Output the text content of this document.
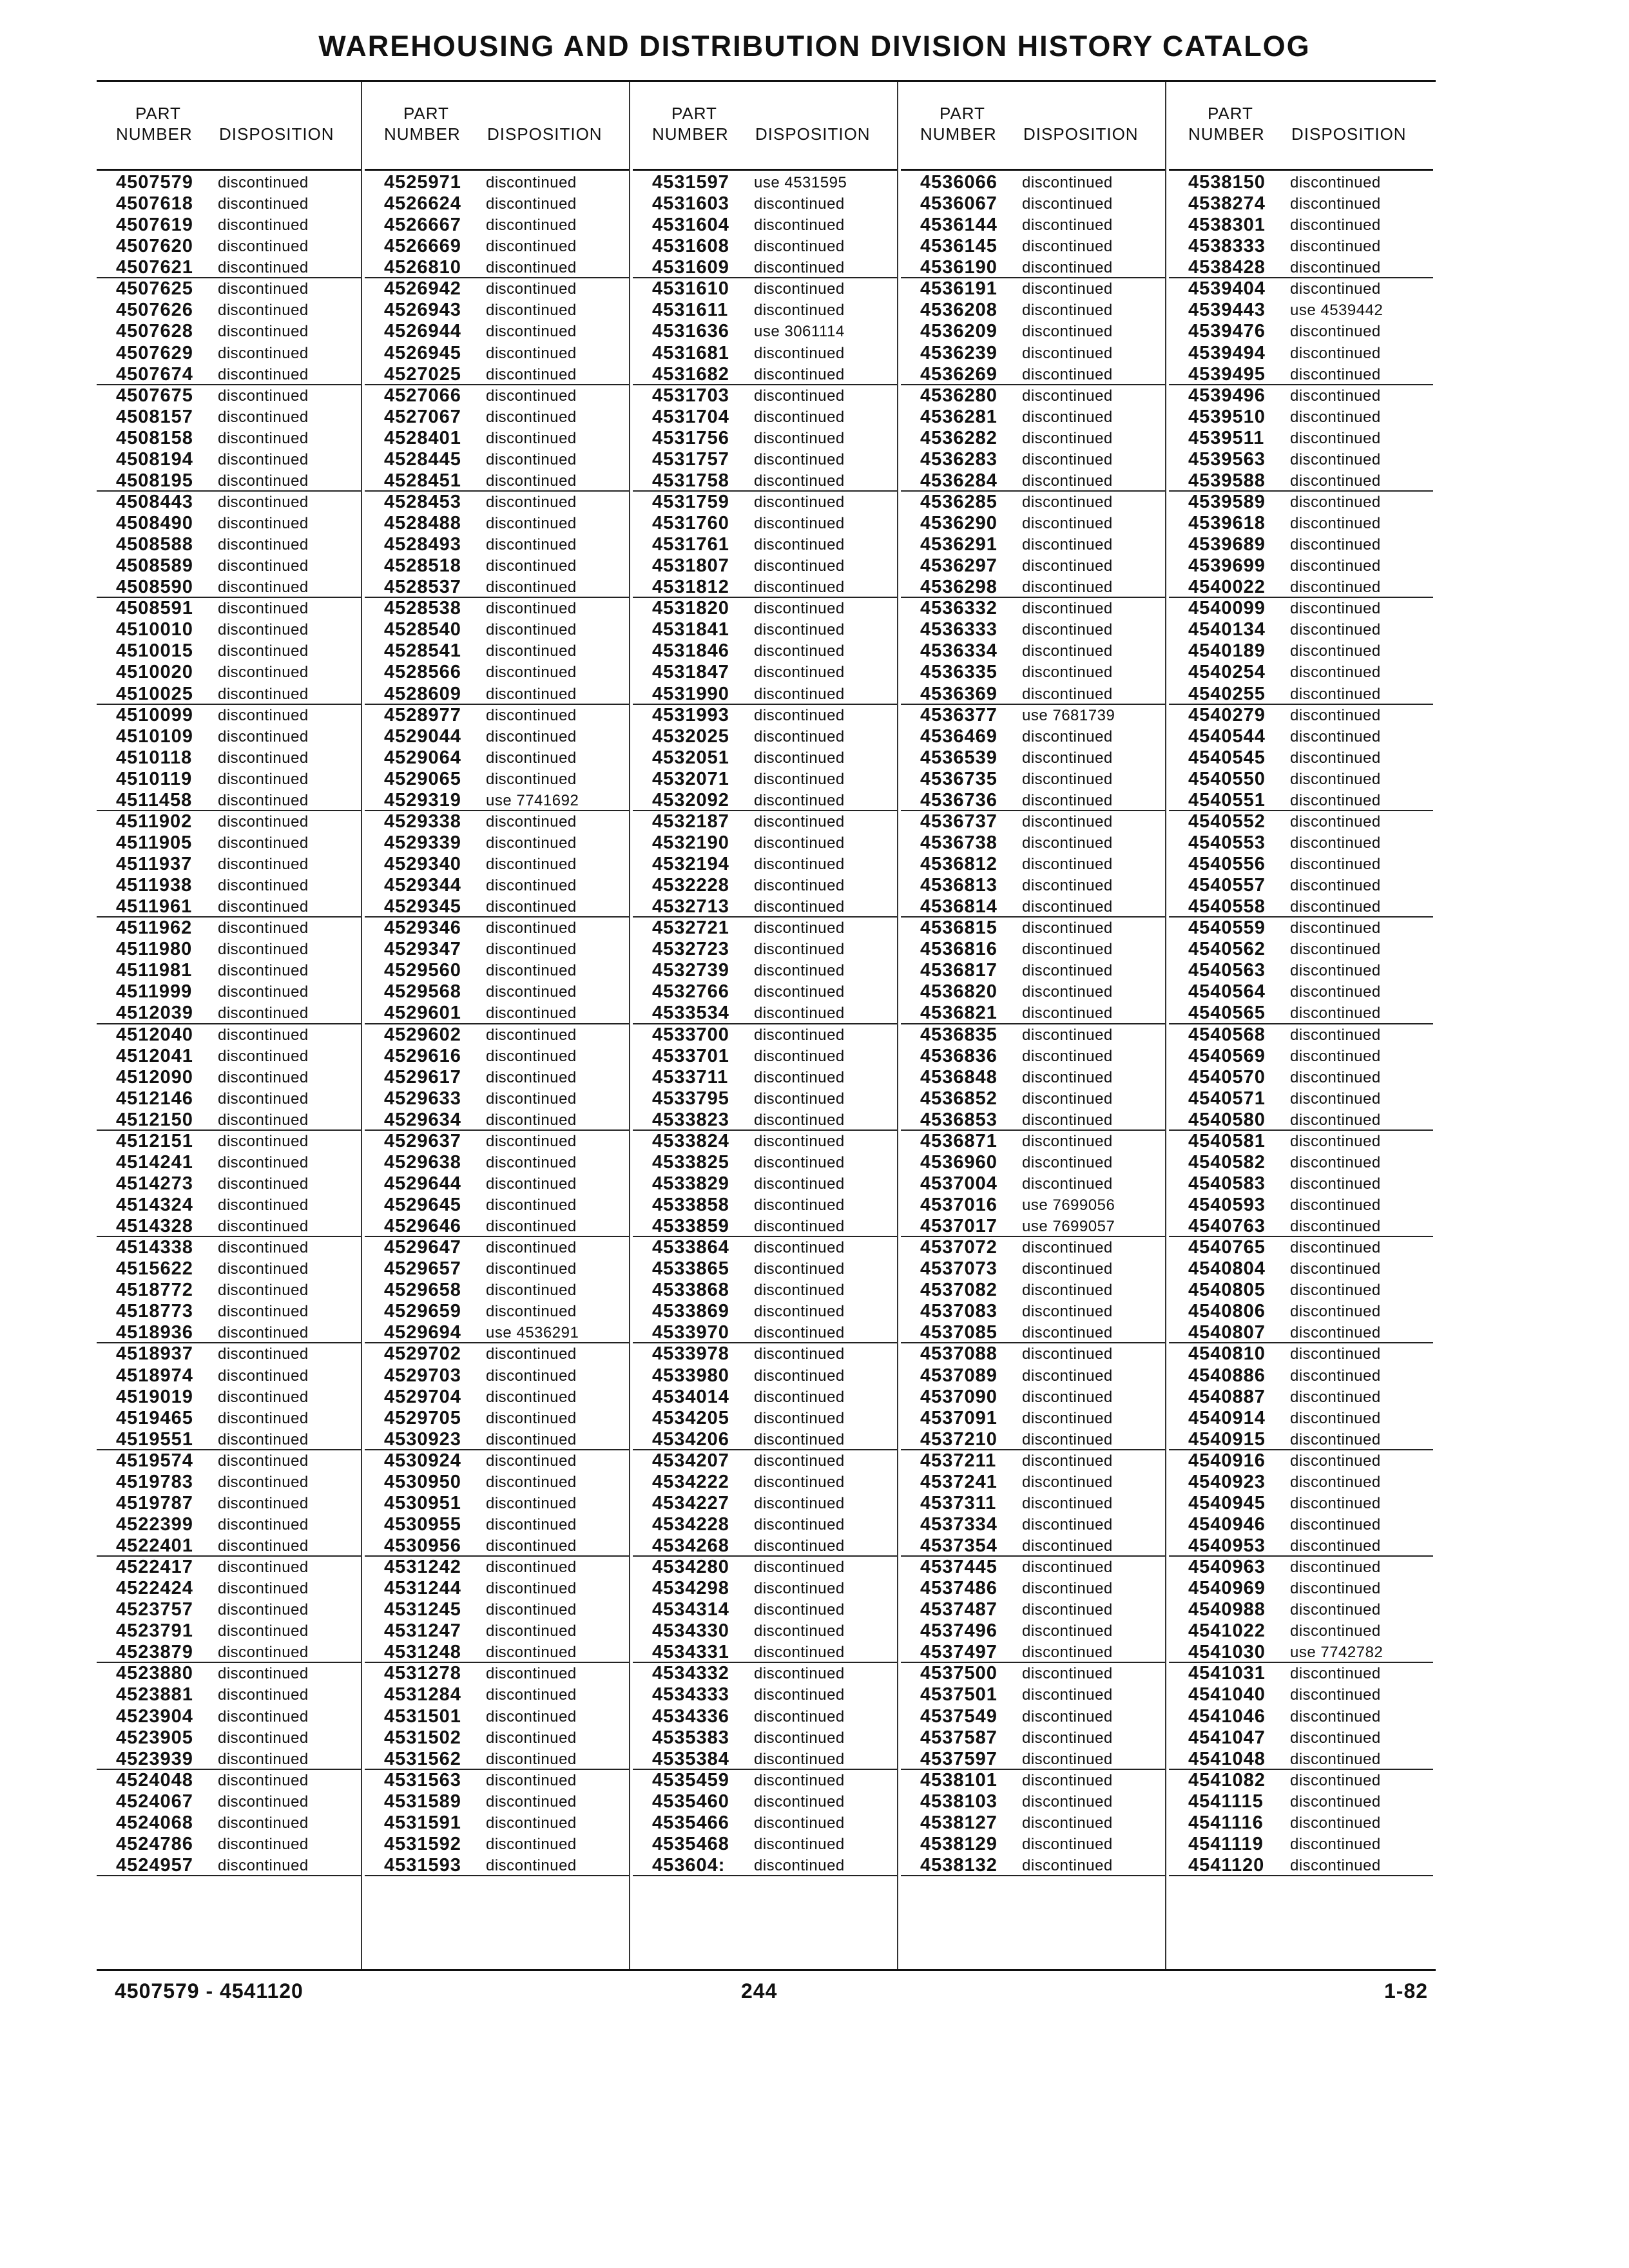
WAREHOUSING AND DISTRIBUTION DIVISION HISTORY CATALOG
PART
NUMBER DISPOSITION
4507579 discontinued
4507618 discontinued
4507619 discontinued
4507620 discontinued
4507621 discontinued
4507625 discontinued
4507626 discontinued
4507628 discontinued
4507629 discontinued
4507674 discontinued
4507675 discontinued
4508157 discontinued
4508158 discontinued
4508194 discontinued
4508195 discontinued
4508443 discontinued
4508490 discontinued
4508588 discontinued
4508589 discontinued
4508590 discontinued
4508591 discontinued
4510010 discontinued
4510015 discontinued
4510020 discontinued
4510025 discontinued
4510099 discontinued
4510109 discontinued
4510118 discontinued
4510119 discontinued
4511458 discontinued
4511902 discontinued
4511905 discontinued
4511937 discontinued
4511938 discontinued
4511961 discontinued
4511962 discontinued
4511980 discontinued
4511981 discontinued
4511999 discontinued
4512039 discontinued
4512040 discontinued
4512041 discontinued
4512090 discontinued
4512146 discontinued
4512150 discontinued
4512151 discontinued
4514241 discontinued
4514273 discontinued
4514324 discontinued
4514328 discontinued
4514338 discontinued
4515622 discontinued
4518772 discontinued
4518773 discontinued
4518936 discontinued
4518937 discontinued
4518974 discontinued
4519019 discontinued
4519465 discontinued
4519551 discontinued
4519574 discontinued
4519783 discontinued
4519787 discontinued
4522399 discontinued
4522401 discontinued
4522417 discontinued
4522424 discontinued
4523757 discontinued
4523791 discontinued
4523879 discontinued
4523880 discontinued
4523881 discontinued
4523904 discontinued
4523905 discontinued
4523939 discontinued
4524048 discontinued
4524067 discontinued
4524068 discontinued
4524786 discontinued
4524957 discontinued
PART
NUMBER DISPOSITION
4525971 discontinued
4526624 discontinued
4526667 discontinued
4526669 discontinued
4526810 discontinued
4526942 discontinued
4526943 discontinued
4526944 discontinued
4526945 discontinued
4527025 discontinued
4527066 discontinued
4527067 discontinued
4528401 discontinued
4528445 discontinued
4528451 discontinued
4528453 discontinued
4528488 discontinued
4528493 discontinued
4528518 discontinued
4528537 discontinued
4528538 discontinued
4528540 discontinued
4528541 discontinued
4528566 discontinued
4528609 discontinued
4528977 discontinued
4529044 discontinued
4529064 discontinued
4529065 discontinued
4529319 use 7741692
4529338 discontinued
4529339 discontinued
4529340 discontinued
4529344 discontinued
4529345 discontinued
4529346 discontinued
4529347 discontinued
4529560 discontinued
4529568 discontinued
4529601 discontinued
4529602 discontinued
4529616 discontinued
4529617 discontinued
4529633 discontinued
4529634 discontinued
4529637 discontinued
4529638 discontinued
4529644 discontinued
4529645 discontinued
4529646 discontinued
4529647 discontinued
4529657 discontinued
4529658 discontinued
4529659 discontinued
4529694 use 4536291
4529702 discontinued
4529703 discontinued
4529704 discontinued
4529705 discontinued
4530923 discontinued
4530924 discontinued
4530950 discontinued
4530951 discontinued
4530955 discontinued
4530956 discontinued
4531242 discontinued
4531244 discontinued
4531245 discontinued
4531247 discontinued
4531248 discontinued
4531278 discontinued
4531284 discontinued
4531501 discontinued
4531502 discontinued
4531562 discontinued
4531563 discontinued
4531589 discontinued
4531591 discontinued
4531592 discontinued
4531593 discontinued
PART
NUMBER DISPOSITION
4531597 use 4531595
4531603 discontinued
4531604 discontinued
4531608 discontinued
4531609 discontinued
4531610 discontinued
4531611 discontinued
4531636 use 3061114
4531681 discontinued
4531682 discontinued
4531703 discontinued
4531704 discontinued
4531756 discontinued
4531757 discontinued
4531758 discontinued
4531759 discontinued
4531760 discontinued
4531761 discontinued
4531807 discontinued
4531812 discontinued
4531820 discontinued
4531841 discontinued
4531846 discontinued
4531847 discontinued
4531990 discontinued
4531993 discontinued
4532025 discontinued
4532051 discontinued
4532071 discontinued
4532092 discontinued
4532187 discontinued
4532190 discontinued
4532194 discontinued
4532228 discontinued
4532713 discontinued
4532721 discontinued
4532723 discontinued
4532739 discontinued
4532766 discontinued
4533534 discontinued
4533700 discontinued
4533701 discontinued
4533711 discontinued
4533795 discontinued
4533823 discontinued
4533824 discontinued
4533825 discontinued
4533829 discontinued
4533858 discontinued
4533859 discontinued
4533864 discontinued
4533865 discontinued
4533868 discontinued
4533869 discontinued
4533970 discontinued
4533978 discontinued
4533980 discontinued
4534014 discontinued
4534205 discontinued
4534206 discontinued
4534207 discontinued
4534222 discontinued
4534227 discontinued
4534228 discontinued
4534268 discontinued
4534280 discontinued
4534298 discontinued
4534314 discontinued
4534330 discontinued
4534331 discontinued
4534332 discontinued
4534333 discontinued
4534336 discontinued
4535383 discontinued
4535384 discontinued
4535459 discontinued
4535460 discontinued
4535466 discontinued
4535468 discontinued
453604: discontinued
PART
NUMBER DISPOSITION
4536066 discontinued
4536067 discontinued
4536144 discontinued
4536145 discontinued
4536190 discontinued
4536191 discontinued
4536208 discontinued
4536209 discontinued
4536239 discontinued
4536269 discontinued
4536280 discontinued
4536281 discontinued
4536282 discontinued
4536283 discontinued
4536284 discontinued
4536285 discontinued
4536290 discontinued
4536291 discontinued
4536297 discontinued
4536298 discontinued
4536332 discontinued
4536333 discontinued
4536334 discontinued
4536335 discontinued
4536369 discontinued
4536377 use 7681739
4536469 discontinued
4536539 discontinued
4536735 discontinued
4536736 discontinued
4536737 discontinued
4536738 discontinued
4536812 discontinued
4536813 discontinued
4536814 discontinued
4536815 discontinued
4536816 discontinued
4536817 discontinued
4536820 discontinued
4536821 discontinued
4536835 discontinued
4536836 discontinued
4536848 discontinued
4536852 discontinued
4536853 discontinued
4536871 discontinued
4536960 discontinued
4537004 discontinued
4537016 use 7699056
4537017 use 7699057
4537072 discontinued
4537073 discontinued
4537082 discontinued
4537083 discontinued
4537085 discontinued
4537088 discontinued
4537089 discontinued
4537090 discontinued
4537091 discontinued
4537210 discontinued
4537211 discontinued
4537241 discontinued
4537311 discontinued
4537334 discontinued
4537354 discontinued
4537445 discontinued
4537486 discontinued
4537487 discontinued
4537496 discontinued
4537497 discontinued
4537500 discontinued
4537501 discontinued
4537549 discontinued
4537587 discontinued
4537597 discontinued
4538101 discontinued
4538103 discontinued
4538127 discontinued
4538129 discontinued
4538132 discontinued
PART
NUMBER DISPOSITION
4538150 discontinued
4538274 discontinued
4538301 discontinued
4538333 discontinued
4538428 discontinued
4539404 discontinued
4539443 use 4539442
4539476 discontinued
4539494 discontinued
4539495 discontinued
4539496 discontinued
4539510 discontinued
4539511 discontinued
4539563 discontinued
4539588 discontinued
4539589 discontinued
4539618 discontinued
4539689 discontinued
4539699 discontinued
4540022 discontinued
4540099 discontinued
4540134 discontinued
4540189 discontinued
4540254 discontinued
4540255 discontinued
4540279 discontinued
4540544 discontinued
4540545 discontinued
4540550 discontinued
4540551 discontinued
4540552 discontinued
4540553 discontinued
4540556 discontinued
4540557 discontinued
4540558 discontinued
4540559 discontinued
4540562 discontinued
4540563 discontinued
4540564 discontinued
4540565 discontinued
4540568 discontinued
4540569 discontinued
4540570 discontinued
4540571 discontinued
4540580 discontinued
4540581 discontinued
4540582 discontinued
4540583 discontinued
4540593 discontinued
4540763 discontinued
4540765 discontinued
4540804 discontinued
4540805 discontinued
4540806 discontinued
4540807 discontinued
4540810 discontinued
4540886 discontinued
4540887 discontinued
4540914 discontinued
4540915 discontinued
4540916 discontinued
4540923 discontinued
4540945 discontinued
4540946 discontinued
4540953 discontinued
4540963 discontinued
4540969 discontinued
4540988 discontinued
4541022 discontinued
4541030 use 7742782
4541031 discontinued
4541040 discontinued
4541046 discontinued
4541047 discontinued
4541048 discontinued
4541082 discontinued
4541115 discontinued
4541116 discontinued
4541119 discontinued
4541120 discontinued
4507579 - 4541120	244	1-82
